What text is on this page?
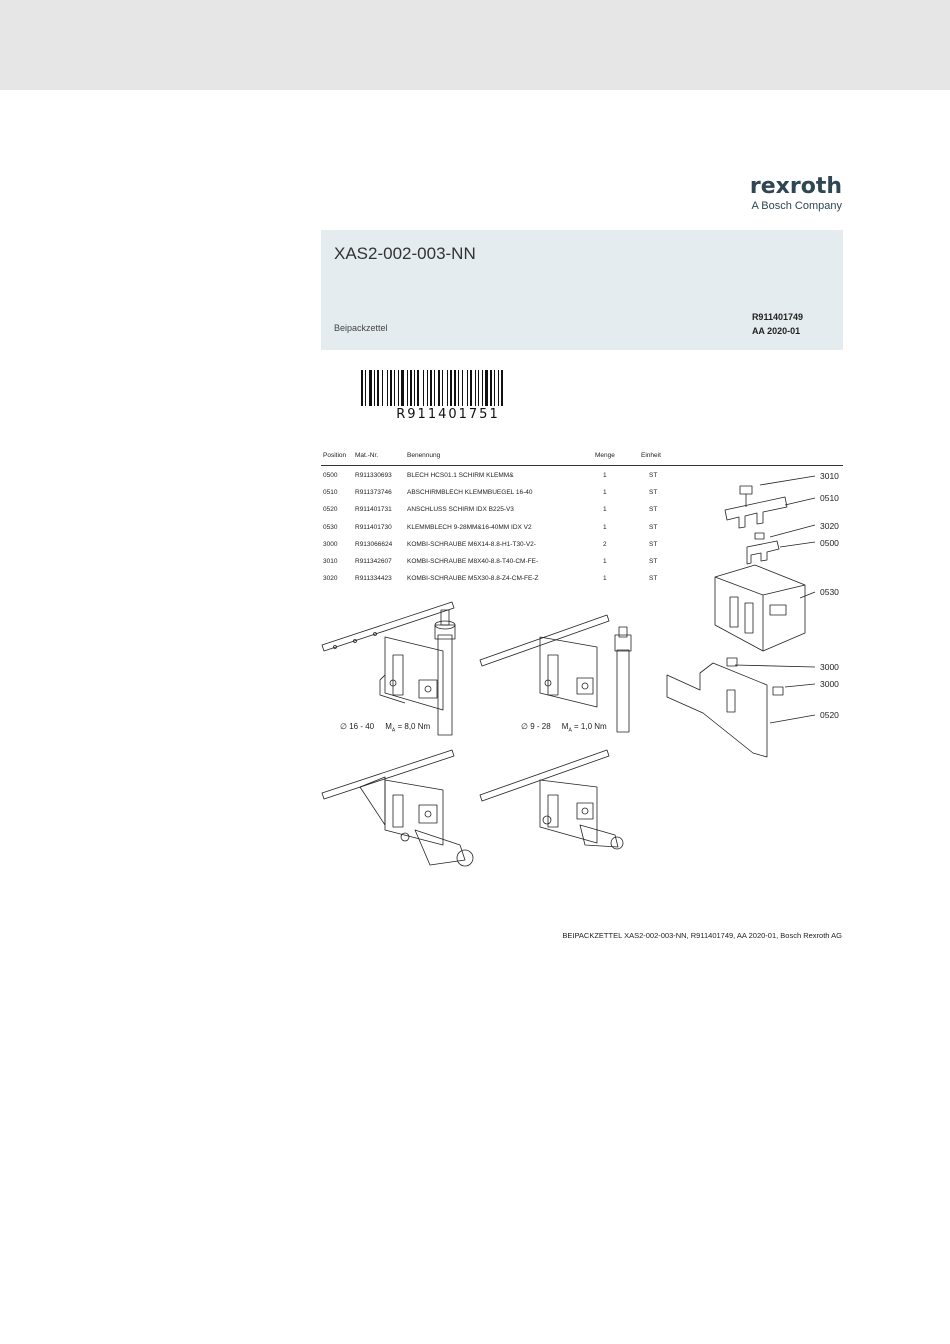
rexroth
A Bosch Company
XAS2-002-003-NN
Beipackzettel
R911401749
AA 2020-01
R911401751
Position Mat.-Nr.	Benennung	Menge	Einheit
0500	R911330693 BLECH HCS01.1 SCHIRM KLEMM&	1	ST
0510	R911373746 ABSCHIRMBLECH KLEMMBUEGEL 16-40	1	ST
0520	R911401731 ANSCHLUSS SCHIRM IDX B225-V3	1	ST
0530	R911401730 KLEMMBLECH 9-28MM&16-40MM IDX V2	1	ST
3000	R913066624 KOMBI-SCHRAUBE M6X14-8.8-H1-T30-V2-	2	ST
3010	R911342607 KOMBI-SCHRAUBE M8X40-8.8-T40-CM-FE-	1	ST
3020	R911334423 KOMBI-SCHRAUBE M5X30-8.8-Z4-CM-FE-Z	1	ST
3010
0510
3020
0500
0530
3000
3000
0520
∅ 16 - 40 $M_A = 8,0$ Nm	∅ 9 - 28 $M_A = 1,0$ Nm
BEIPACKZETTEL XAS2-002-003-NN, R911401749, AA 2020-01, Bosch Rexroth AG
